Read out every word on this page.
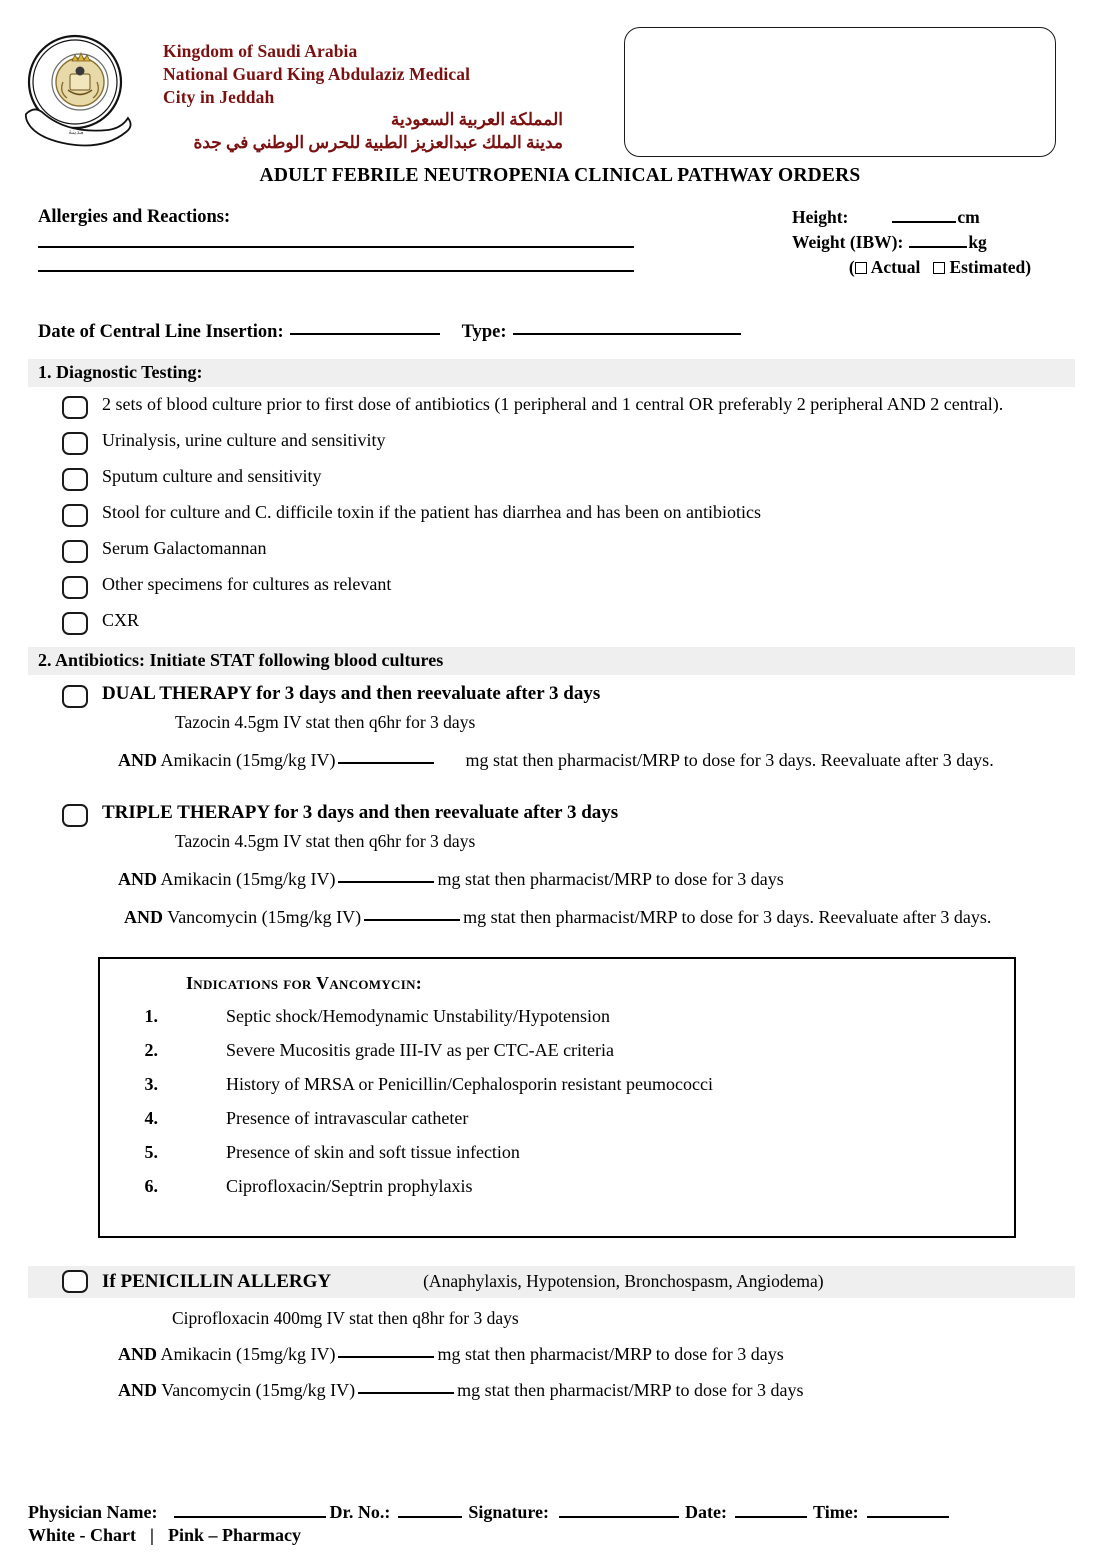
مدينة
Kingdom of Saudi Arabia
National Guard King Abdulaziz Medical
City in Jeddah
المملكة العربية السعودية
مدينة الملك عبدالعزيز الطبية للحرس الوطني في جدة
ADULT FEBRILE NEUTROPENIA CLINICAL PATHWAY ORDERS
Allergies and Reactions:	Height:	cm
Weight (IBW):	kg
( Actual Estimated)
Date of Central Line Insertion:	Type:
1. Diagnostic Testing:
2 sets of blood culture prior to first dose of antibiotics (1 peripheral and 1 central OR preferably 2 peripheral AND 2 central).
Urinalysis, urine culture and sensitivity
Sputum culture and sensitivity
Stool for culture and C. difficile toxin if the patient has diarrhea and has been on antibiotics
Serum Galactomannan
Other specimens for cultures as relevant
CXR
2. Antibiotics: Initiate STAT following blood cultures
DUAL THERAPY for 3 days and then reevaluate after 3 days
Tazocin 4.5gm IV stat then q6hr for 3 days
AND Amikacin (15mg/kg IV)	mg stat then pharmacist/MRP to dose for 3 days. Reevaluate after 3 days.
TRIPLE THERAPY for 3 days and then reevaluate after 3 days
Tazocin 4.5gm IV stat then q6hr for 3 days
AND Amikacin (15mg/kg IV)	mg stat then pharmacist/MRP to dose for 3 days
AND Vancomycin (15mg/kg IV)	mg stat then pharmacist/MRP to dose for 3 days. Reevaluate after 3 days.
Indications for Vancomycin:
1.	Septic shock/Hemodynamic Unstability/Hypotension
2.	Severe Mucositis grade III-IV as per CTC-AE criteria
3.	History of MRSA or Penicillin/Cephalosporin resistant peumococci
4.	Presence of intravascular catheter
5.	Presence of skin and soft tissue infection
6.	Ciprofloxacin/Septrin prophylaxis
If PENICILLIN ALLERGY	(Anaphylaxis, Hypotension, Bronchospasm, Angiodema)
Ciprofloxacin 400mg IV stat then q8hr for 3 days
AND Amikacin (15mg/kg IV)	mg stat then pharmacist/MRP to dose for 3 days
AND Vancomycin (15mg/kg IV)	mg stat then pharmacist/MRP to dose for 3 days
Physician Name:	Dr. No.:	Signature:	Date:	Time:
White - Chart | Pink – Pharmacy
